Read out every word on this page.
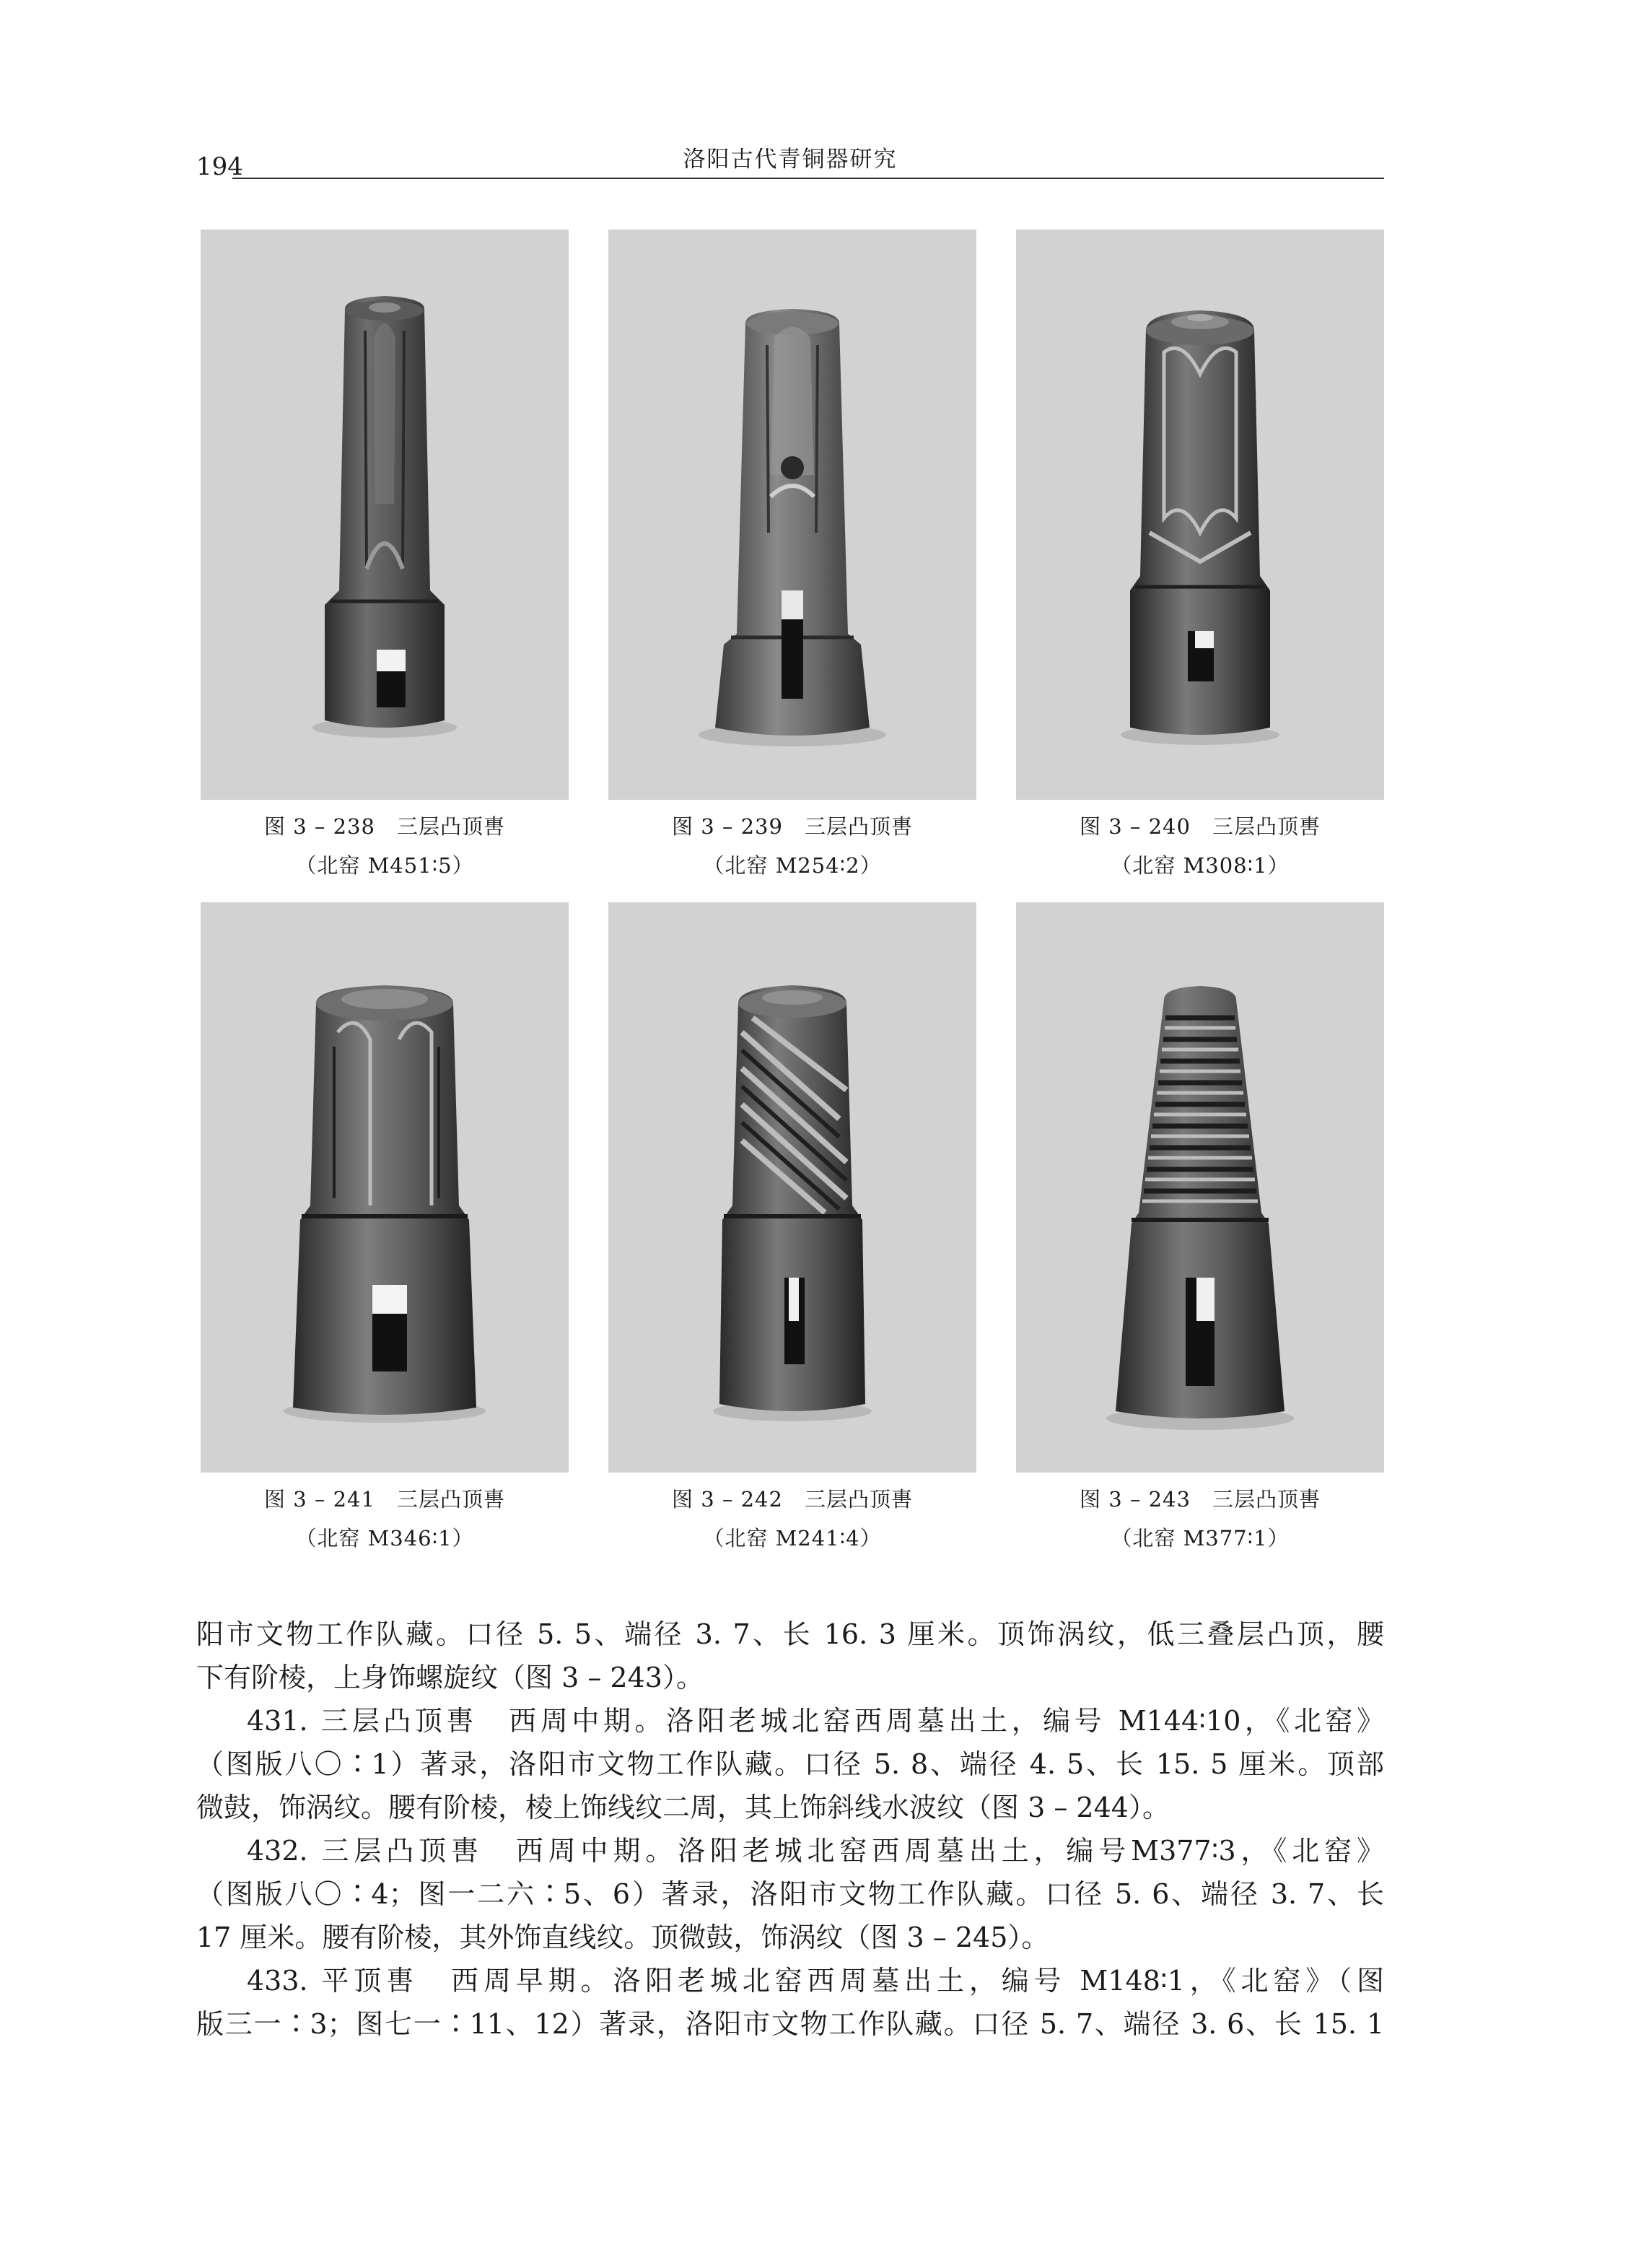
194	洛阳古代青铜器研究
图 3 – 238　 三层凸顶軎
（北窑 M451∶5）
图 3 – 239　 三层凸顶軎
（北窑 M254∶2）
图 3 – 240　 三层凸顶軎
（北窑 M308∶1）
图 3 – 241　 三层凸顶軎
（北窑 M346∶1）
图 3 – 242　 三层凸顶軎
（北窑 M241∶4）
图 3 – 243　 三层凸顶軎
（北窑 M377∶1）

阳市文物工作队藏。口径 5. 5、端径 3. 7、长 16. 3 厘米。顶饰涡纹，低三叠层凸顶，腰

下有阶棱，上身饰螺旋纹（图 3 – 243）。

431. 三层凸顶軎　西周中期。洛阳老城北窑西周墓出土，编号 M144∶10，《北窑》

（图版八〇∶1）著录，洛阳市文物工作队藏。口径 5. 8、端径 4. 5、长 15. 5 厘米。顶部

微鼓，饰涡纹。腰有阶棱，棱上饰线纹二周，其上饰斜线水波纹（图 3 – 244）。

432. 三层凸顶軎　西周中期。洛阳老城北窑西周墓出土，编号M377∶3，《北窑》

（图版八〇∶4；图一二六∶5、6）著录，洛阳市文物工作队藏。口径 5. 6、端径 3. 7、长

17 厘米。腰有阶棱，其外饰直线纹。顶微鼓，饰涡纹（图 3 – 245）。

433. 平顶軎　西周早期。洛阳老城北窑西周墓出土，编号 M148∶1，《北窑》（图

版三一∶3；图七一∶11、12）著录，洛阳市文物工作队藏。口径 5. 7、端径 3. 6、长 15. 1
